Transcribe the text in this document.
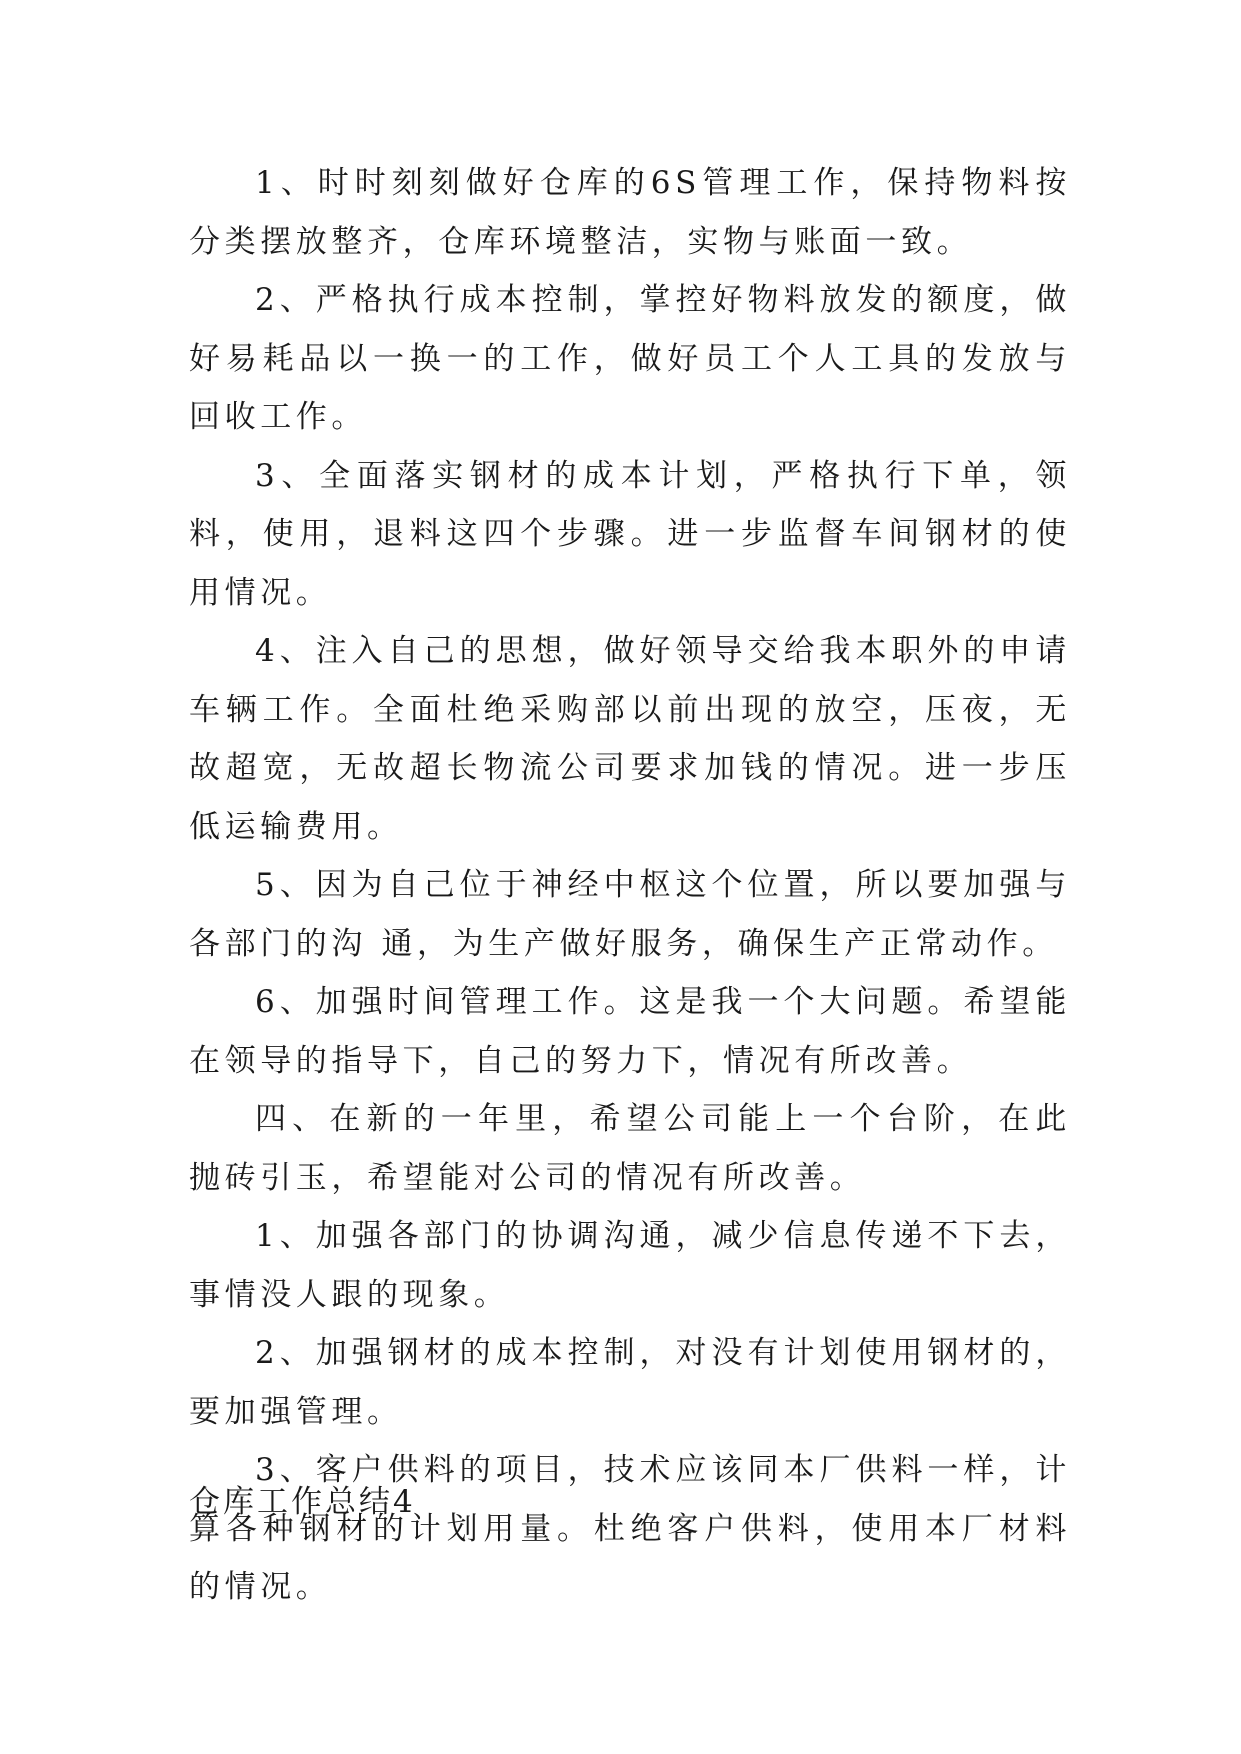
1、时时刻刻做好仓库的6S管理工作，保持物料按分类摆放整齐，仓库环境整洁，实物与账面一致。

2、严格执行成本控制，掌控好物料放发的额度，做好易耗品以一换一的工作，做好员工个人工具的发放与回收工作。

3、全面落实钢材的成本计划，严格执行下单，领料，使用，退料这四个步骤。进一步监督车间钢材的使用情况。

4、注入自己的思想，做好领导交给我本职外的申请车辆工作。全面杜绝采购部以前出现的放空，压夜，无故超宽，无故超长物流公司要求加钱的情况。进一步压低运输费用。

5、因为自己位于神经中枢这个位置，所以要加强与各部门的沟 通，为生产做好服务，确保生产正常动作。

6、加强时间管理工作。这是我一个大问题。希望能在领导的指导下，自己的努力下，情况有所改善。

四、在新的一年里，希望公司能上一个台阶，在此抛砖引玉，希望能对公司的情况有所改善。

1、加强各部门的协调沟通，减少信息传递不下去，事情没人跟的现象。

2、加强钢材的成本控制，对没有计划使用钢材的，要加强管理。

3、客户供料的项目，技术应该同本厂供料一样，计算各种钢材的计划用量。杜绝客户供料，使用本厂材料的情况。

仓库工作总结4
